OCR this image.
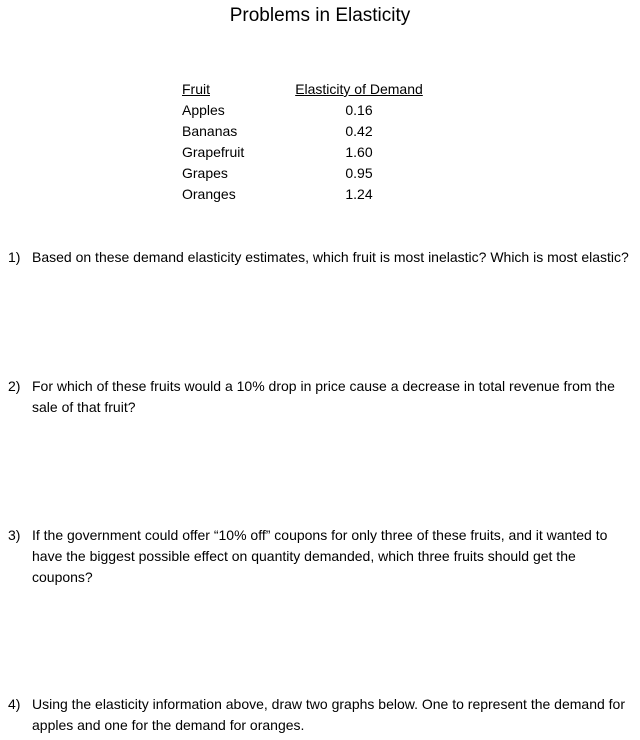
Problems in Elasticity
Fruit	Elasticity of Demand
Apples	0.16
Bananas	0.42
Grapefruit	1.60
Grapes	0.95
Oranges	1.24
1) Based on these demand elasticity estimates, which fruit is most inelastic? Which is most elastic?
2) For which of these fruits would a 10% drop in price cause a decrease in total revenue from the sale of that fruit?
3) If the government could offer “10% off” coupons for only three of these fruits, and it wanted to have the biggest possible effect on quantity demanded, which three fruits should get the coupons?
4) Using the elasticity information above, draw two graphs below. One to represent the demand for apples and one for the demand for oranges.
